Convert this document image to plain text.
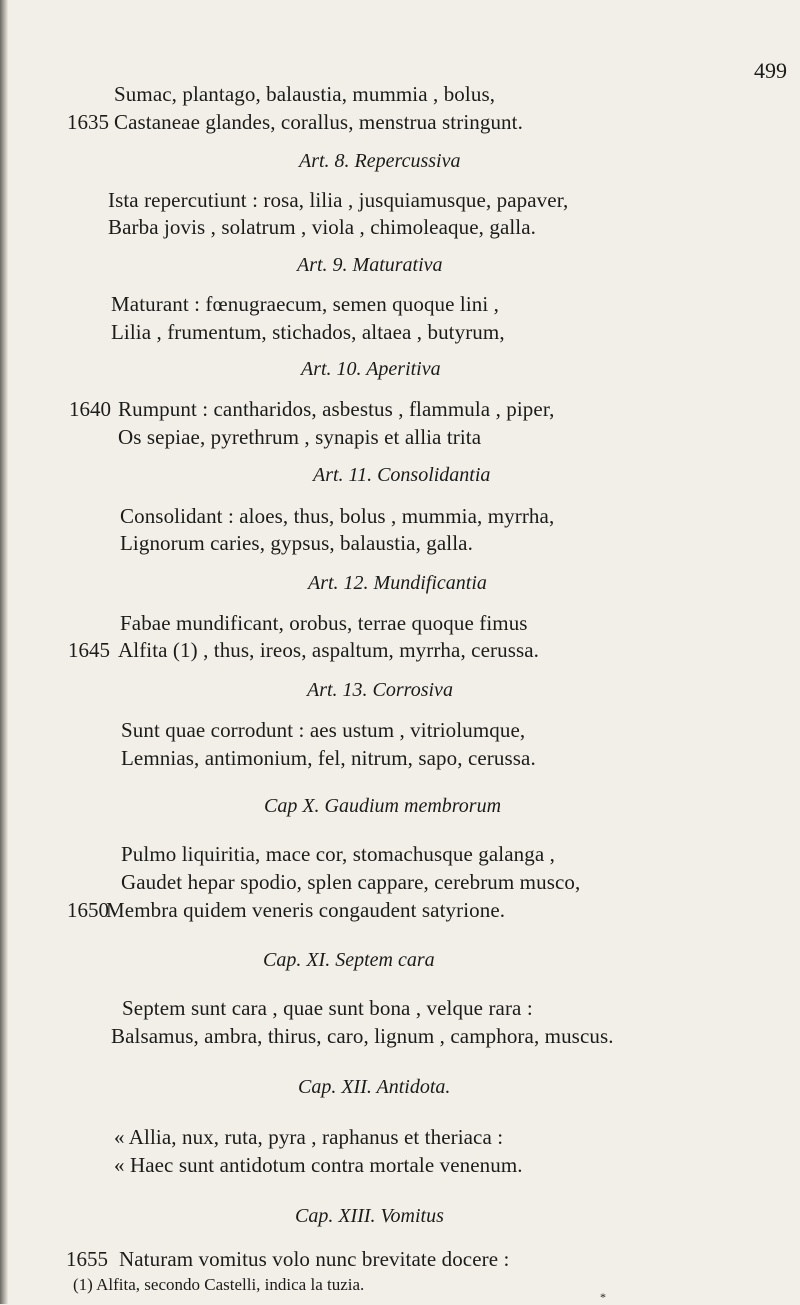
499
Sumac, plantago, balaustia, mummia , bolus,
1635 Castaneae glandes, corallus, menstrua stringunt.
Art. 8. Repercussiva
Ista repercutiunt : rosa, lilia , jusquiamusque, papaver,
Barba jovis , solatrum , viola , chimoleaque, galla.
Art. 9. Maturativa
Maturant : fœnugraecum, semen quoque lini ,
Lilia , frumentum, stichados, altaea , butyrum,
Art. 10. Aperitiva
1640 Rumpunt : cantharidos, asbestus , flammula , piper,
Os sepiae, pyrethrum , synapis et allia trita
Art. 11. Consolidantia
Consolidant : aloes, thus, bolus , mummia, myrrha,
Lignorum caries, gypsus, balaustia, galla.
Art. 12. Mundificantia
Fabae mundificant, orobus, terrae quoque fimus
1645 Alfita (1) , thus, ireos, aspaltum, myrrha, cerussa.
Art. 13. Corrosiva
Sunt quae corrodunt : aes ustum , vitriolumque,
Lemnias, antimonium, fel, nitrum, sapo, cerussa.
Cap X. Gaudium membrorum
Pulmo liquiritia, mace cor, stomachusque galanga ,
Gaudet hepar spodio, splen cappare, cerebrum musco,
1650
Membra quidem veneris congaudent satyrione.
Cap. XI. Septem cara
Septem sunt cara , quae sunt bona , velque rara :
Balsamus, ambra, thirus, caro, lignum , camphora, muscus.
Cap. XII. Antidota.
« Allia, nux, ruta, pyra , raphanus et theriaca :
« Haec sunt antidotum contra mortale venenum.
Cap. XIII. Vomitus
1655 Naturam vomitus volo nunc brevitate docere :
(1) Alfita, secondo Castelli, indica la tuzia.
*
